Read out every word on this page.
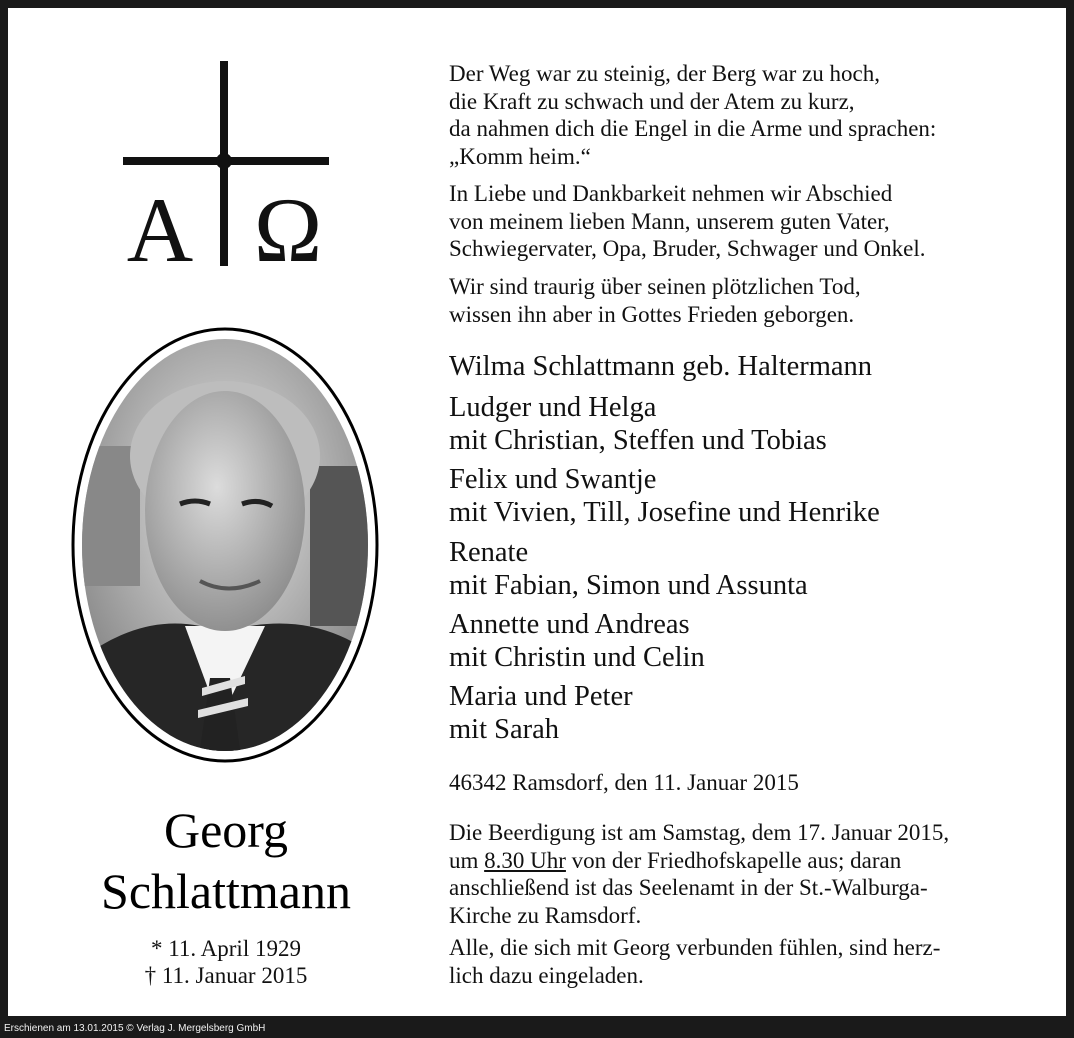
A Ω
Georg
Schlattmann
* 11. April 1929
† 11. Januar 2015
Der Weg war zu steinig, der Berg war zu hoch,
die Kraft zu schwach und der Atem zu kurz,
da nahmen dich die Engel in die Arme und sprachen:
„Komm heim.“
In Liebe und Dankbarkeit nehmen wir Abschied
von meinem lieben Mann, unserem guten Vater,
Schwiegervater, Opa, Bruder, Schwager und Onkel.
Wir sind traurig über seinen plötzlichen Tod,
wissen ihn aber in Gottes Frieden geborgen.
Wilma Schlattmann geb. Haltermann
Ludger und Helga
mit Christian, Steffen und Tobias
Felix und Swantje
mit Vivien, Till, Josefine und Henrike
Renate
mit Fabian, Simon und Assunta
Annette und Andreas
mit Christin und Celin
Maria und Peter
mit Sarah
46342 Ramsdorf, den 11. Januar 2015
Die Beerdigung ist am Samstag, dem 17. Januar 2015,
um 8.30 Uhr von der Friedhofskapelle aus; daran
anschließend ist das Seelenamt in der St.-Walburga-
Kirche zu Ramsdorf.
Alle, die sich mit Georg verbunden fühlen, sind herz-
lich dazu eingeladen.
Erschienen am 13.01.2015 © Verlag J. Mergelsberg GmbH
